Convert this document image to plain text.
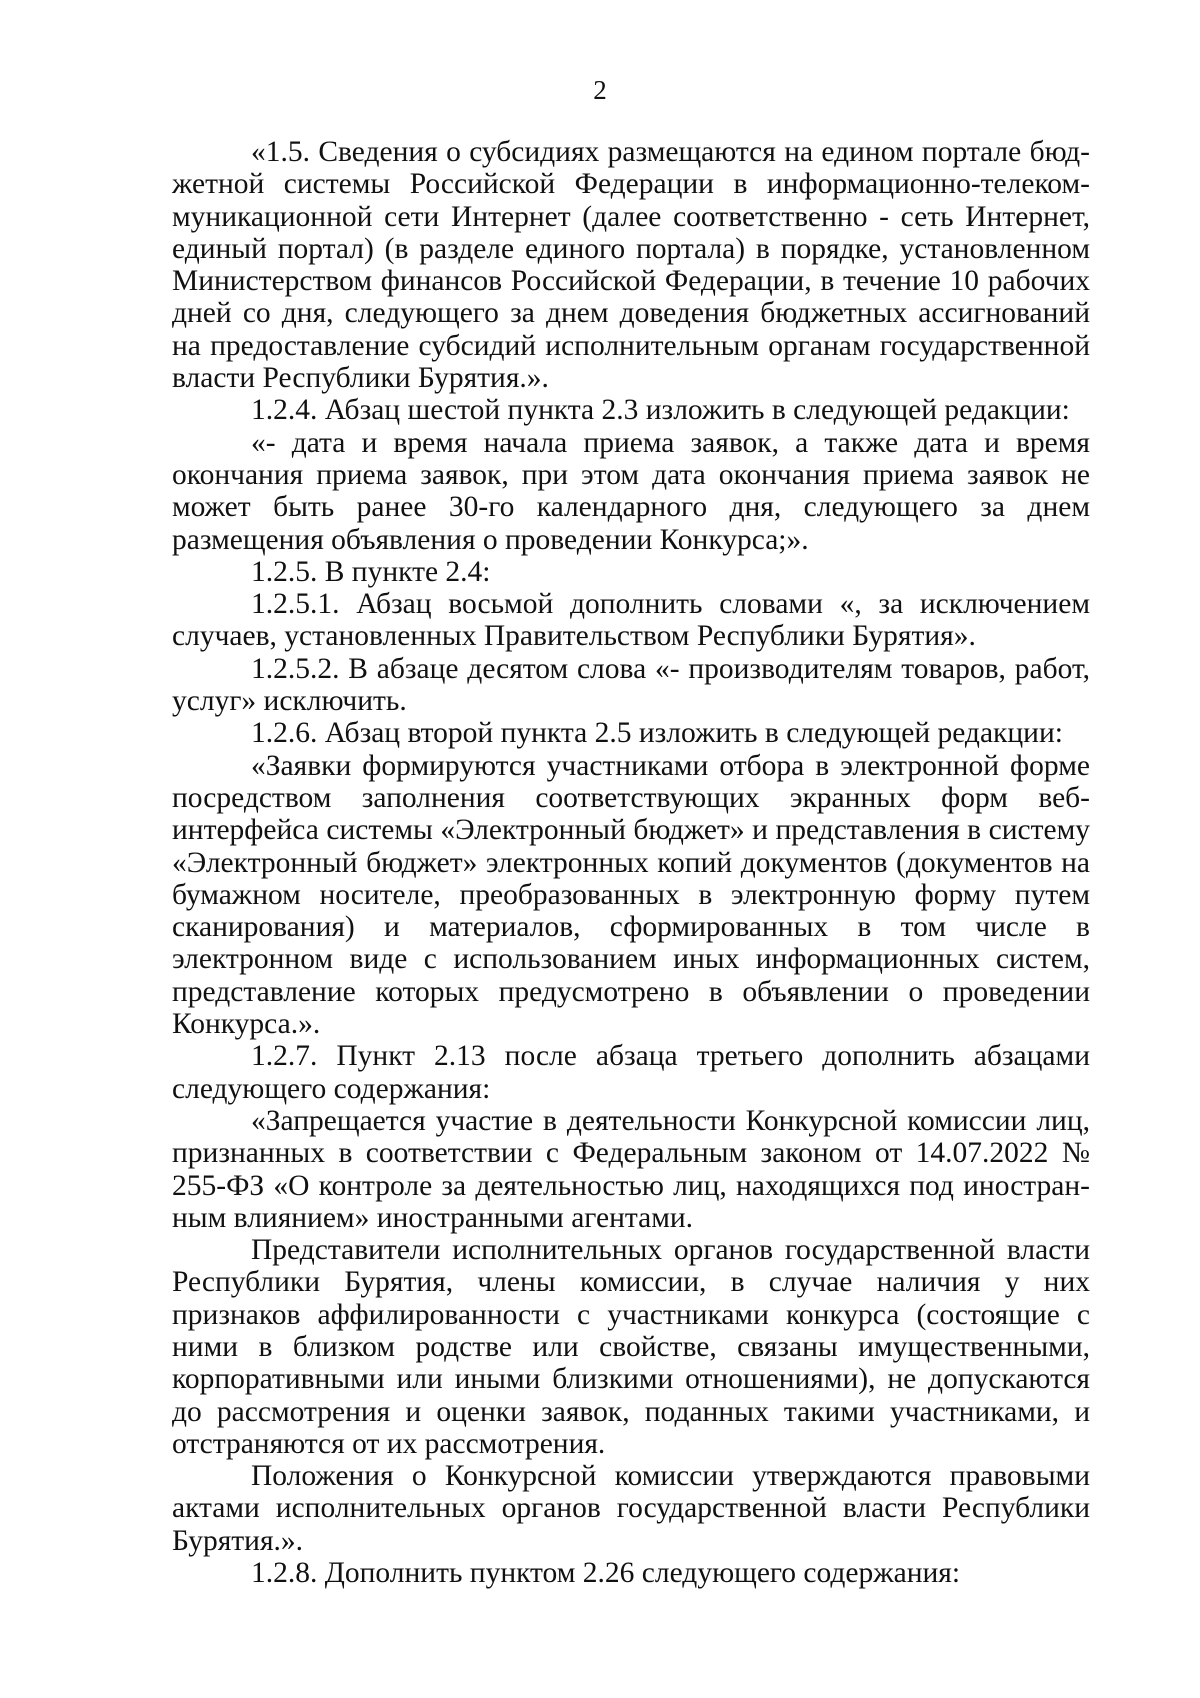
2

«1.5. Сведения о субсидиях размещаются на едином портале бюджетной системы Российской Федерации в информационно-телекоммуникационной сети Интернет (далее соответственно - сеть Интернет, единый портал) (в разделе единого портала) в порядке, установленном Министерством финансов Российской Федерации, в течение 10 рабочих дней со дня, следующего за днем доведения бюджетных ассигнований на предоставление субсидий исполнительным органам государственной власти Республики Бурятия.».

1.2.4. Абзац шестой пункта 2.3 изложить в следующей редакции:

«- дата и время начала приема заявок, а также дата и время окончания приема заявок, при этом дата окончания приема заявок не может быть ранее 30-го календарного дня, следующего за днем размещения объявления о проведении Конкурса;».

1.2.5. В пункте 2.4:

1.2.5.1. Абзац восьмой дополнить словами «, за исключением случаев, установленных Правительством Республики Бурятия».

1.2.5.2. В абзаце десятом слова «- производителям товаров, работ, услуг» исключить.

1.2.6. Абзац второй пункта 2.5 изложить в следующей редакции:

«Заявки формируются участниками отбора в электронной форме посредством заполнения соответствующих экранных форм веб-интерфейса системы «Электронный бюджет» и представления в систему «Электронный бюджет» электронных копий документов (документов на бумажном носителе, преобразованных в электронную форму путем сканирования) и материалов, сформированных в том числе в электронном виде с использованием иных информационных систем, представление которых предусмотрено в объявлении о проведении Конкурса.».

1.2.7. Пункт 2.13 после абзаца третьего дополнить абзацами следующего содержания:

«Запрещается участие в деятельности Конкурсной комиссии лиц, признанных в соответствии с Федеральным законом от 14.07.2022 № 255-ФЗ «О контроле за деятельностью лиц, находящихся под иностранным влиянием» иностранными агентами.

Представители исполнительных органов государственной власти Республики Бурятия, члены комиссии, в случае наличия у них признаков аффилированности с участниками конкурса (состоящие с ними в близком родстве или свойстве, связаны имущественными, корпоративными или иными близкими отношениями), не допускаются до рассмотрения и оценки заявок, поданных такими участниками, и отстраняются от их рассмотрения.

Положения о Конкурсной комиссии утверждаются правовыми актами исполнительных органов государственной власти Республики Бурятия.».

1.2.8. Дополнить пунктом 2.26 следующего содержания:
